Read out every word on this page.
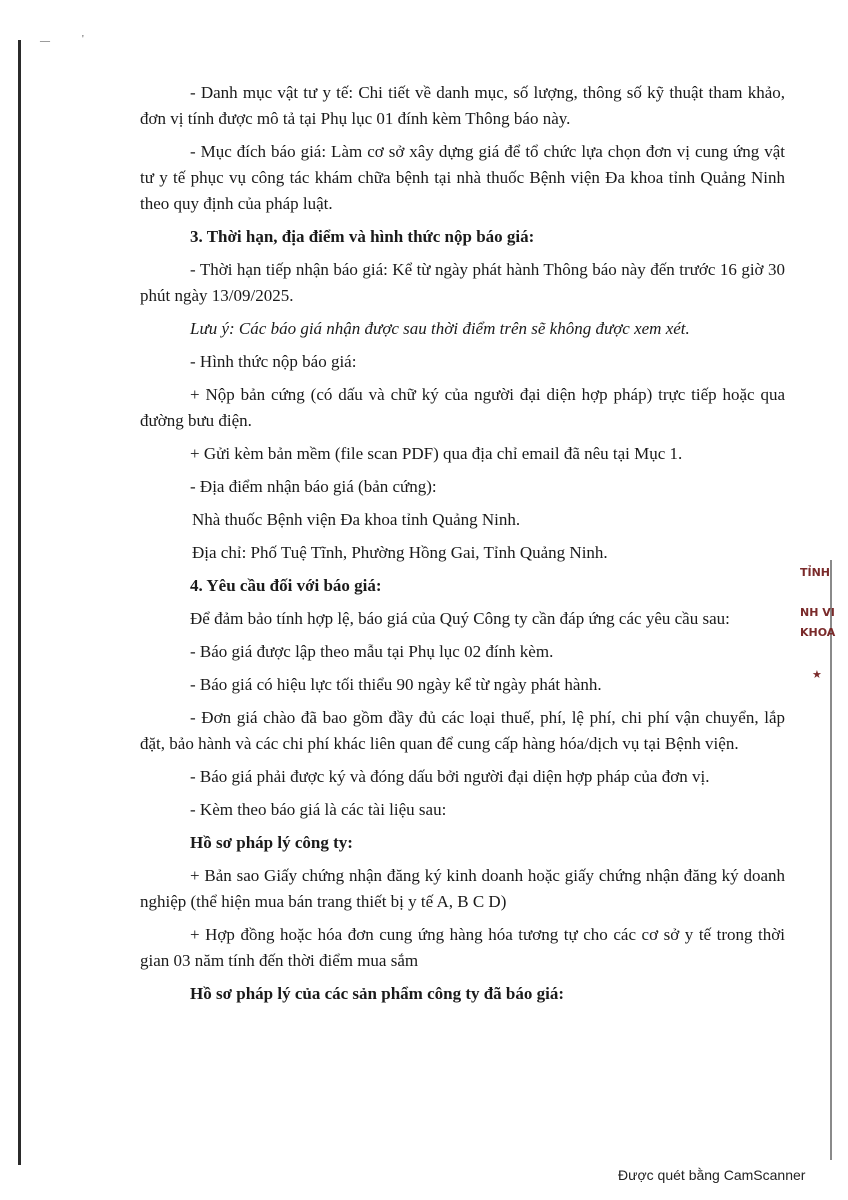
—	'

- Danh mục vật tư y tế: Chi tiết về danh mục, số lượng, thông số kỹ thuật tham khảo, đơn vị tính được mô tả tại Phụ lục 01 đính kèm Thông báo này.

- Mục đích báo giá: Làm cơ sở xây dựng giá để tổ chức lựa chọn đơn vị cung ứng vật tư y tế phục vụ công tác khám chữa bệnh tại nhà thuốc Bệnh viện Đa khoa tỉnh Quảng Ninh theo quy định của pháp luật.

3. Thời hạn, địa điểm và hình thức nộp báo giá:

- Thời hạn tiếp nhận báo giá: Kể từ ngày phát hành Thông báo này đến trước 16 giờ 30 phút ngày 13/09/2025.

Lưu ý: Các báo giá nhận được sau thời điểm trên sẽ không được xem xét.

- Hình thức nộp báo giá:

+ Nộp bản cứng (có dấu và chữ ký của người đại diện hợp pháp) trực tiếp hoặc qua đường bưu điện.

+ Gửi kèm bản mềm (file scan PDF) qua địa chỉ email đã nêu tại Mục 1.

- Địa điểm nhận báo giá (bản cứng):

Nhà thuốc Bệnh viện Đa khoa tỉnh Quảng Ninh.

Địa chỉ: Phố Tuệ Tĩnh, Phường Hồng Gai, Tỉnh Quảng Ninh.

4. Yêu cầu đối với báo giá:

Để đảm bảo tính hợp lệ, báo giá của Quý Công ty cần đáp ứng các yêu cầu sau:

- Báo giá được lập theo mẫu tại Phụ lục 02 đính kèm.

- Báo giá có hiệu lực tối thiểu 90 ngày kể từ ngày phát hành.

- Đơn giá chào đã bao gồm đầy đủ các loại thuế, phí, lệ phí, chi phí vận chuyển, lắp đặt, bảo hành và các chi phí khác liên quan để cung cấp hàng hóa/dịch vụ tại Bệnh viện.

- Báo giá phải được ký và đóng dấu bởi người đại diện hợp pháp của đơn vị.

- Kèm theo báo giá là các tài liệu sau:

Hồ sơ pháp lý công ty:

+ Bản sao Giấy chứng nhận đăng ký kinh doanh hoặc giấy chứng nhận đăng ký doanh nghiệp (thể hiện mua bán trang thiết bị y tế A, B C D)

+ Hợp đồng hoặc hóa đơn cung ứng hàng hóa tương tự cho các cơ sở y tế trong thời gian 03 năm tính đến thời điểm mua sắm

Hồ sơ pháp lý của các sản phẩm công ty đã báo giá:

TỈNH
NH VI
KHOA
★
Được quét bằng CamScanner
